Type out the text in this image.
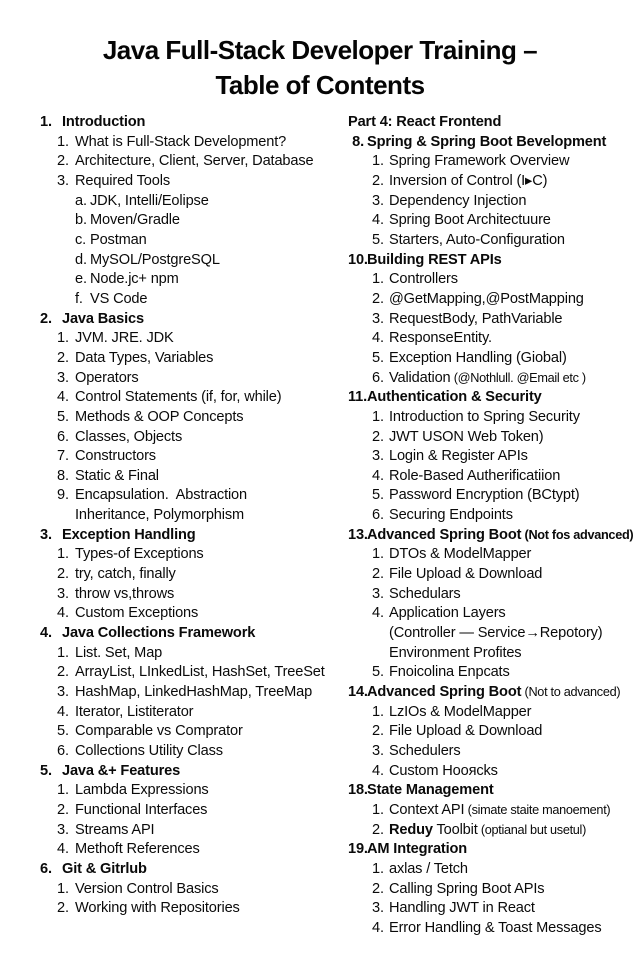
Java Full-Stack Developer Training –
Table of Contents
1. Introduction
1. What is Full-Stack Development?
2. Architecture, Client, Server, Database
3. Required Tools
a. JDK, Intelli/Eolipse
b. Moven/Gradle
c. Postman
d. MySOL/PostgreSQL
e. Node.jc+ npm
f. VS Code
2. Java Basics
1. JVM. JRE. JDK
2. Data Types, Variables
3. Operators
4. Control Statements (if, for, while)
5. Methods & OOP Concepts
6. Classes, Objects
7. Constructors
8. Static & Final
9. Encapsulation.  Abstraction
Inheritance, Polymorphism
3. Exception Handling
1. Types-of Exceptions
2. try, catch, finally
3. throw vs,throws
4. Custom Exceptions
4. Java Collections Framework
1. List. Set, Map
2. ArrayList, LInkedList, HashSet, TreeSet
3. HashMap, LinkedHashMap, TreeMap
4. Iterator, Listiterator
5. Comparable vs Comprator
6. Collections Utility Class
5. Java &+ Features
1. Lambda Expressions
2. Functional Interfaces
3. Streams API
4. Methoft References
6. Git & Gitrlub
1. Version Control Basics
2. Working with Repositories
Part 4: React Frontend
8. Spring & Spring Boot Bevelopment
1. Spring Framework Overview
2. Inversion of Control (I▸C)
3. Dependency Injection
4. Spring Boot Architectuure
5. Starters, Auto-Configuration
10. Building REST APIs
1. Controllers
2. @GetMapping,@PostMapping
3. RequestBody, PathVariable
4. ResponseEntity.
5. Exception Handling (Giobal)
6. Validation (@Nothlull. @Email etc )
11. Authentication & Security
1. Introduction to Spring Security
2. JWT USON Web Token)
3. Login & Register APIs
4. Role-Based Autherificatiion
5. Password Encryption (BCtypt)
6. Securing Endpoints
13. Advanced Spring Boot (Not fos advanced)
1. DTOs & ModelMapper
2. File Upload & Download
3. Schedulars
4. Application Layers
(Controller — Service→Repotory)
Environment Profites
5. Fnoicolina Enpcats
14. Advanced Spring Boot (Not to advanced)
1. LzIOs & ModelMapper
2. File Upload & Download
3. Schedulers
4. Custom Hooяcks
18. State Management
1. Context API (simate staite manoement)
2. Reduy Toolbit (optianal but usetul)
19. AM Integration
1. axlas / Tetch
2. Calling Spring Boot APIs
3. Handling JWT in React
4. Error Handling & Toast Messages
